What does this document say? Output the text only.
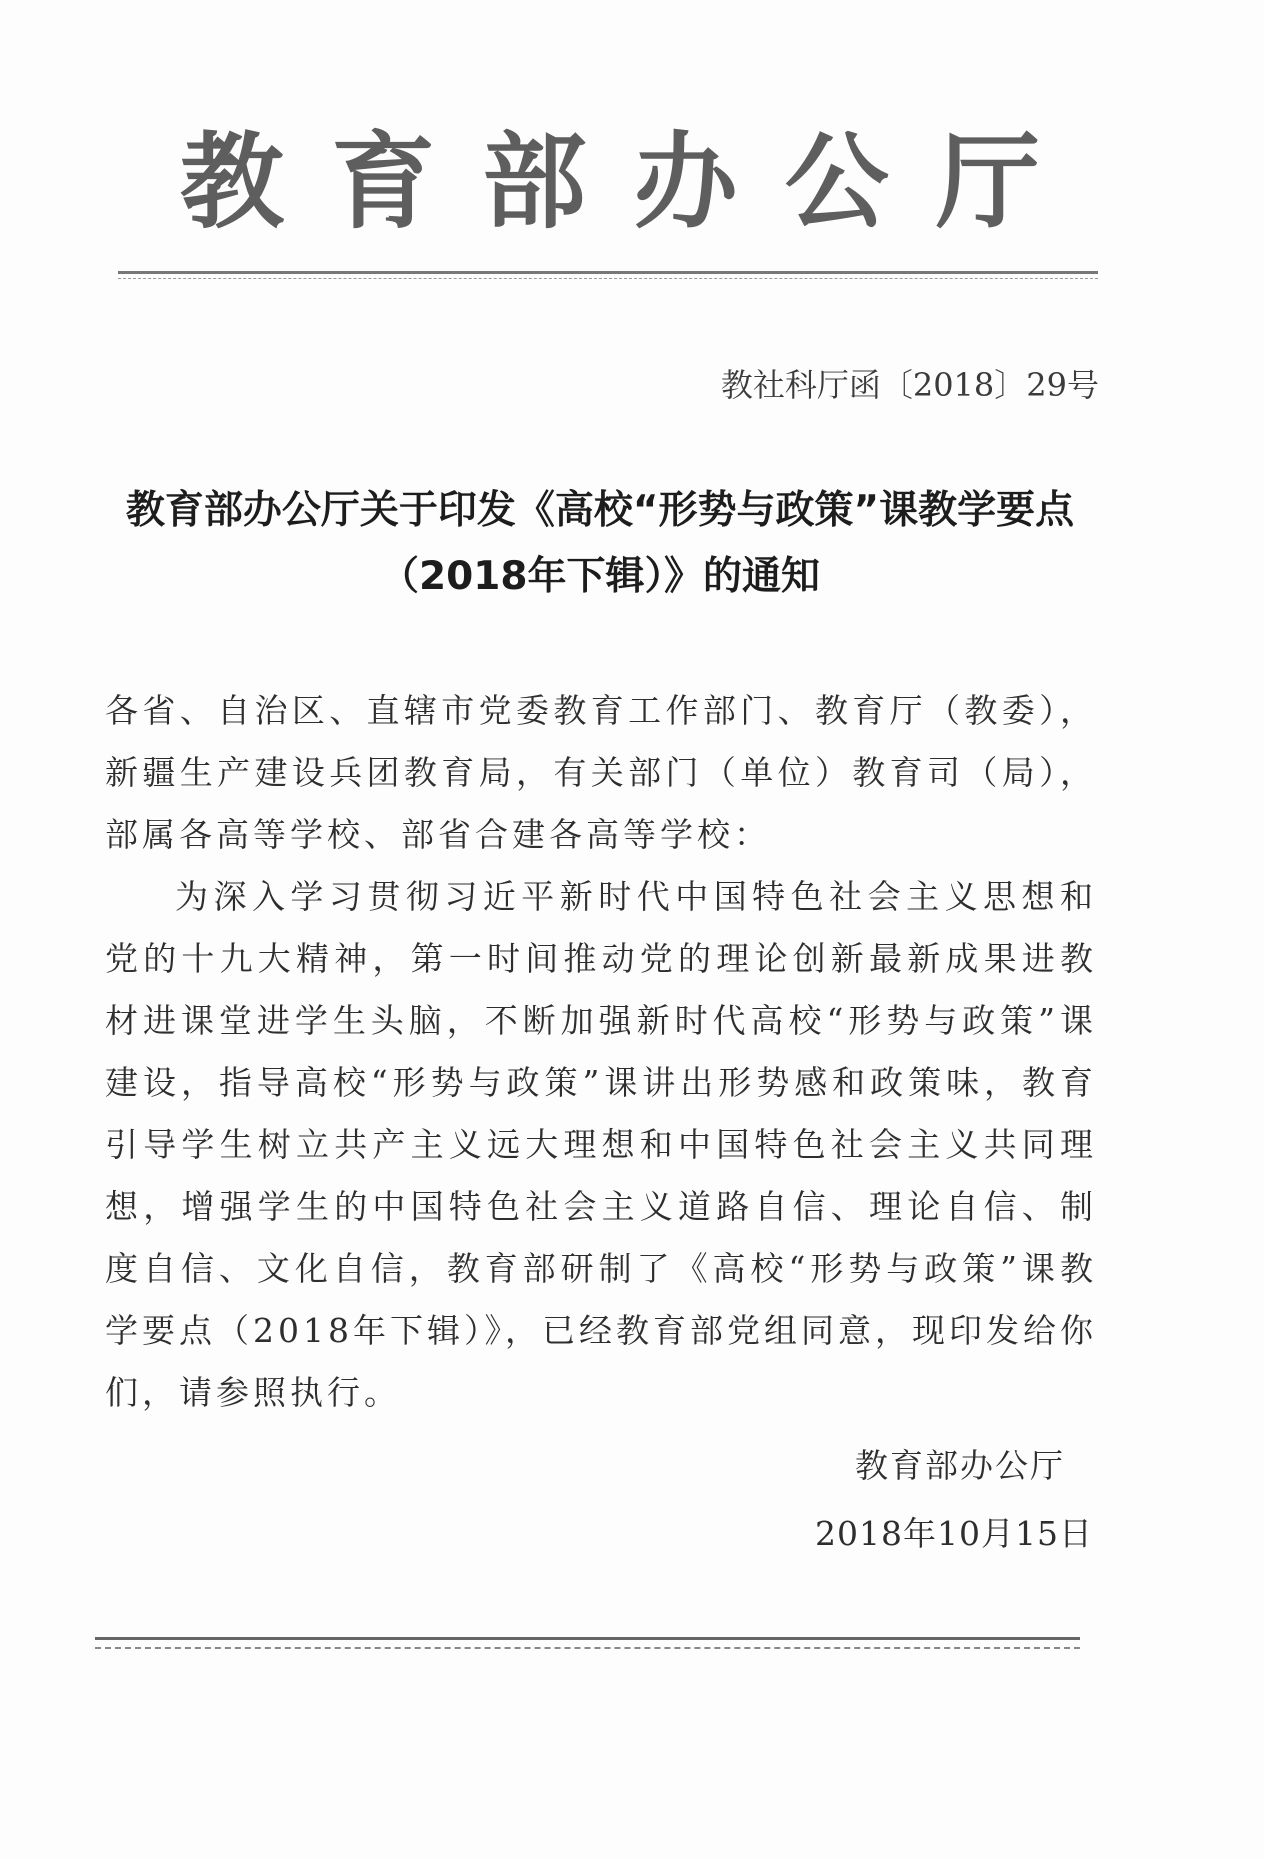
教 育 部 办 公 厅
教社科厅函〔2018〕29号
教育部办公厅关于印发《高校“形势与政策”课教学要点
（2018年下辑）》的通知

各省、自治区、直辖市党委教育工作部门、教育厅（教委），新疆生产建设兵团教育局，有关部门（单位）教育司（局），部属各高等学校、部省合建各高等学校：

为深入学习贯彻习近平新时代中国特色社会主义思想和党的十九大精神，第一时间推动党的理论创新最新成果进教材进课堂进学生头脑，不断加强新时代高校“形势与政策”课建设，指导高校“形势与政策”课讲出形势感和政策味，教育引导学生树立共产主义远大理想和中国特色社会主义共同理想，增强学生的中国特色社会主义道路自信、理论自信、制度自信、文化自信，教育部研制了《高校“形势与政策”课教学要点（2018年下辑）》，已经教育部党组同意，现印发给你们，请参照执行。

教育部办公厅
2018年10月15日
